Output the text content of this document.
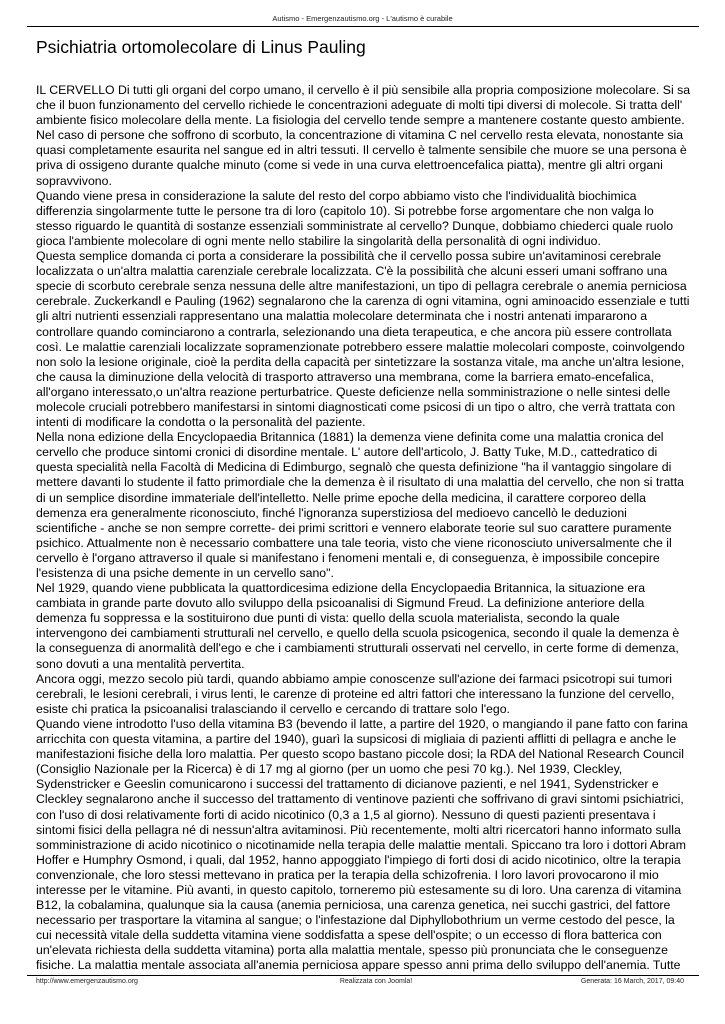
Autismo - Emergenzautismo.org - L'autismo è curabile
Psichiatria ortomolecolare di Linus Pauling

IL CERVELLO Di tutti gli organi del corpo umano, il cervello è il più sensibile alla propria composizione molecolare. Si sa che il buon funzionamento del cervello richiede le concentrazioni adeguate di molti tipi diversi di molecole. Si tratta dell' ambiente fisico molecolare della mente. La fisiologia del cervello tende sempre a mantenere costante questo ambiente. Nel caso di persone che soffrono di scorbuto, la concentrazione di vitamina C nel cervello resta elevata, nonostante sia quasi completamente esaurita nel sangue ed in altri tessuti. Il cervello è talmente sensibile che muore se una persona è priva di ossigeno durante qualche minuto (come si vede in una curva elettroencefalica piatta), mentre gli altri organi sopravvivono.

Quando viene presa in considerazione la salute del resto del corpo abbiamo visto che l'individualità biochimica differenzia singolarmente tutte le persone tra di loro (capitolo 10). Si potrebbe forse argomentare che non valga lo stesso riguardo le quantità di sostanze essenziali somministrate al cervello? Dunque, dobbiamo chiederci quale ruolo gioca l'ambiente molecolare di ogni mente nello stabilire la singolarità della personalità di ogni individuo.

Questa semplice domanda ci porta a considerare la possibilità che il cervello possa subire un'avitaminosi cerebrale localizzata o un'altra malattia carenziale cerebrale localizzata. C'è la possibilità che alcuni esseri umani soffrano una specie di scorbuto cerebrale senza nessuna delle altre manifestazioni, un tipo di pellagra cerebrale o anemia perniciosa cerebrale. Zuckerkandl e Pauling (1962) segnalarono che la carenza di ogni vitamina, ogni aminoacido essenziale e tutti gli altri nutrienti essenziali rappresentano una malattia molecolare determinata che i nostri antenati impararono a controllare quando cominciarono a contrarla, selezionando una dieta terapeutica, e che ancora più essere controllata così. Le malattie carenziali localizzate sopramenzionate potrebbero essere malattie molecolari composte, coinvolgendo non solo la lesione originale, cioè la perdita della capacità per sintetizzare la sostanza vitale, ma anche un'altra lesione, che causa la diminuzione della velocità di trasporto attraverso una membrana, come la barriera emato-encefalica, all'organo interessato,o un'altra reazione perturbatrice. Queste deficienze nella somministrazione o nelle sintesi delle molecole cruciali potrebbero manifestarsi in sintomi diagnosticati come psicosi di un tipo o altro, che verrà trattata con intenti di modificare la condotta o la personalità del paziente.

Nella nona edizione della Encyclopaedia Britannica (1881) la demenza viene definita come una malattia cronica del cervello che produce sintomi cronici di disordine mentale. L' autore dell'articolo, J. Batty Tuke, M.D., cattedratico di questa specialità nella Facoltà di Medicina di Edimburgo, segnalò che questa definizione "ha il vantaggio singolare di mettere davanti lo studente il fatto primordiale che la demenza è il risultato di una malattia del cervello, che non si tratta di un semplice disordine immateriale dell'intelletto. Nelle prime epoche della medicina, il carattere corporeo della demenza era generalmente riconosciuto, finché l'ignoranza superstiziosa del medioevo cancellò le deduzioni scientifiche - anche se non sempre corrette- dei primi scrittori e vennero elaborate teorie sul suo carattere puramente psichico. Attualmente non è necessario combattere una tale teoria, visto che viene riconosciuto universalmente che il cervello è l'organo attraverso il quale si manifestano i fenomeni mentali e, di conseguenza, è impossibile concepire l'esistenza di una psiche demente in un cervello sano".

Nel 1929, quando viene pubblicata la quattordicesima edizione della Encyclopaedia Britannica, la situazione era cambiata in grande parte dovuto allo sviluppo della psicoanalisi di Sigmund Freud. La definizione anteriore della demenza fu soppressa e la sostituirono due punti di vista: quello della scuola materialista, secondo la quale intervengono dei cambiamenti strutturali nel cervello, e quello della scuola psicogenica, secondo il quale la demenza è la conseguenza di anormalità dell'ego e che i cambiamenti strutturali osservati nel cervello, in certe forme di demenza, sono dovuti a una mentalità pervertita.

Ancora oggi, mezzo secolo più tardi, quando abbiamo ampie conoscenze sull'azione dei farmaci psicotropi sui tumori cerebrali, le lesioni cerebrali, i virus lenti, le carenze di proteine ed altri fattori che interessano la funzione del cervello, esiste chi pratica la psicoanalisi tralasciando il cervello e cercando di trattare solo l'ego.

Quando viene introdotto l'uso della vitamina B3 (bevendo il latte, a partire del 1920, o mangiando il pane fatto con farina arricchita con questa vitamina, a partire del 1940), guarì la supsicosi di migliaia di pazienti afflitti di pellagra e anche le manifestazioni fisiche della loro malattia. Per questo scopo bastano piccole dosi; la RDA del National Research Council (Consiglio Nazionale per la Ricerca) è di 17 mg al giorno (per un uomo che pesi 70 kg.). Nel 1939, Cleckley, Sydenstricker e Geeslin comunicarono i successi del trattamento di dicianove pazienti, e nel 1941, Sydenstricker e Cleckley segnalarono anche il successo del trattamento di ventinove pazienti che soffrivano di gravi sintomi psichiatrici, con l'uso di dosi relativamente forti di acido nicotinico (0,3 a 1,5 al giorno). Nessuno di questi pazienti presentava i sintomi fisici della pellagra né di nessun'altra avitaminosi. Più recentemente, molti altri ricercatori hanno informato sulla somministrazione di acido nicotinico o nicotinamide nella terapia delle malattie mentali. Spiccano tra loro i dottori Abram Hoffer e Humphry Osmond, i quali, dal 1952, hanno appoggiato l'impiego di forti dosi di acido nicotinico, oltre la terapia convenzionale, che loro stessi mettevano in pratica per la terapia della schizofrenia. I loro lavori provocarono il mio interesse per le vitamine. Più avanti, in questo capitolo, torneremo più estesamente su di loro. Una carenza di vitamina B12, la cobalamina, qualunque sia la causa (anemia perniciosa, una carenza genetica, nei succhi gastrici, del fattore necessario per trasportare la vitamina al sangue; o l'infestazione dal Diphyllobothrium un verme cestodo del pesce, la cui necessità vitale della suddetta vitamina viene soddisfatta a spese dell'ospite; o un eccesso di flora batterica con un'elevata richiesta della suddetta vitamina) porta alla malattia mentale, spesso più pronunciata che le conseguenze fisiche. La malattia mentale associata all'anemia perniciosa appare spesso anni prima dello sviluppo dell'anemia. Tutte

http://www.emergenzautismo.org	Realizzata con Joomla!	Generata: 16 March, 2017, 09:40
